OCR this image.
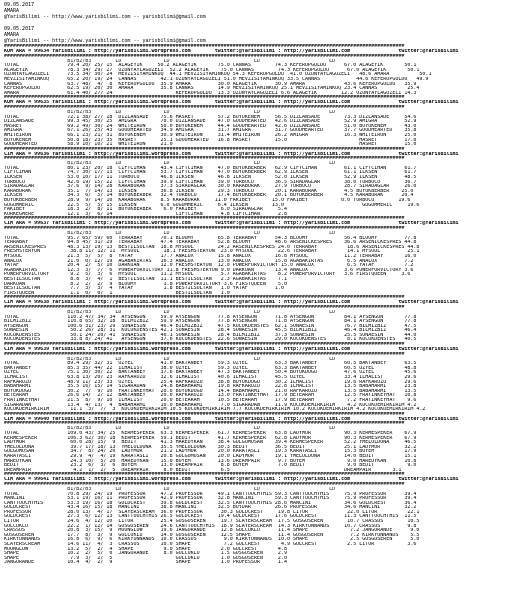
09.05.2017
AMARA
@YarisBilimi -- http://www.yarisbilimi.com -- yarisbilimi@gmail.com
09.05.2017
AMARA
@YarisBilimi -- http://www.yarisbilimi.com -- yarisbilimi@gmail.com
#####################################################################################################################################
KUM ARA = 99634 Yarisbilimi : http://yarisbilimi.wordpress.com        twitter:@YarisBilimi : http://yarisbilimi.com                twitter:@YarisBilimi
#####################################################################################################################################
B1/B2/B3        LD              LD                            LD                       LD
TOTAL                79.4 20/ 25/ 15  ALAGEYIK     50.2 ALAGEYIK       75.0 CANNAS        74.3 KEFERUPGULDU      67.0 ALAGEYIK       50.1
ALAGEYIK             78.3 34/ 29/ 27  OZUNYAYLAGUZELI  52.2 ALAGEYIK    75.0 CANNAS        74.3 KEFERUPGULDU      67.0 ALAGEYIK       50.1
OZUNYAYLAGUZELI      73.5 34/ 30/ 24  MEVZISIYAMINKUQ  44.1 MEVZISIYAMINKUQ 54.3 KEFERUPGULDU  41.0 OZUNYAYLAGUZELI   48.6 AMARA          50.1
MEVZISIYAMINKUQ      65.2 20/ 19/ 24  CANNAS        42.1 OZUNYAYLAGUZELI 51.0 MEVZISIYAMINKUQ 33.5 CANNAS            44.6 KEFERUPGULDU   49.9
CANNAS               63.7 48/  4/  8  KEFERUPGULDU  35.9 AMARA         30.0 ALAGEYIK      30.9 AMARA             43.6 KEFERUPGULDU   35.9
KEFERUPGULDU         62.5 19/ 20/ 30  AMARA         35.8 CANNAS        14.9 MEVZISIYAMINKUQ 25.1 MEVZISIYAMINKUQ 23.4 CANNAS          25.4
AMARA                61.4 40/ 27/ 24                     KEFERUPGULDU  13.3 OZUNYAYLAGUZELI 6.6 ALAGEYIK        12.2 OZUNYAYLAGUZELI 14.3
#####################################################################################################################################
KUM ARA = 99635 Yarisbilimi : http://yarisbilimi.wordpress.com        twitter:@YarisBilimi : http://yarisbilimi.com                twitter:@YarisBilimi
#####################################################################################################################################
B1/B2/B3        LD              LD                            LD                       LD
TOTAL                72.1 38/ 27/ 18  DIZLANSADE    75.6 HASRET        57.2 BUYUKENEM     56.5 DIZLANSADE        73.3 DIZLANSADE     54.6
DIZLANSADE           99.3 45/ 30/ 25  AMIGRA        70.0 DIZLANSADE    47.0 GOODHEARTED   42.6 DIZLANSADE        52.9 AMIGRA         52.9
HASRET               69.2 49/ 30/ 24  WHITEIRON     50.0 BUYUKENEM     44.4 GOODHEARTED   42.6 DIZLANSADE        51.0 BUYUKENEM      43.0
AMIGRA               67.1 26/ 25/ 43  GOODHEARTED   34.9 AMIGRA        31.7 AMIGRA        31.7 GOODHEARTED       37.7 GOODHEARTED    35.8
WHITEIRON            66.1 23/ 21/ 31  BUYUKENEM     30.9 WHITEIRON     31.4 WHITEIRON     26.2 AMIGRA            16.3 WHITEIRON      25.0
BUYUKENEM            50.8 18/ 23/ 35  HASRET        25.1 GOODHEARTED   16.8 HASRET        15.0                        HASRET         17.0
GOODHEARTED          58.9 10/ 10/ 21  WHITEIRON     21.0                                                              HASRET         15.0
#####################################################################################################################################
CIM ARA = 99636 Yarisbilimi : http://yarisbilimi.wordpress.com        twitter:@YarisBilimi : http://yarisbilimi.com                twitter:@YarisBilimi
#####################################################################################################################################
B1/B2/B3        LD              LD                            LD                       LD
TOTAL                80.1 23/ 20/ 18  CIFTCIHAN     43.4 CIFTCIHAN     47.0 BUYUKBERBER   62.9 CIFTCIHAN         61.1 CIFTCIHAN      61.7
CIFTCIHAN            74.7 30/ 17/ 13  CIFTCIHAN     53.7 CIFTCIHAN     47.0 BUYUKBERBER   62.9 ILKSEN            61.1 ILKSEN         61.7
ILKSEN               53.0 10/ 17/ 11  TURBOCU       46.8 ILKSEN        46.8 ILKSEN        52.0 ILKSEN            52.9 ILKSEN         48.5
TURBOCU              42.6 19/ 15/ 22  CIFTCIHAN     39.9 CIFTCIHAN     39.0 TURBOCU       36.5 SIRADAGLAR        38.0 TURBOCU        36.7
SIRADAGLAR           37.6  9/ 14/ 28  KARABURAK     37.3 SIRADAGLAR    30.0 KARABURAK     27.9 TURBOCU           28.7 SIRADAGLAR     26.0
KARABURAK            35.1  7/ 14/ 13  ILKSEN        36.8 ILKSEN        29.3 TURBOCU       20.1 KARABURAK         4.5 BUYUKBERBER    25.0
ILKSEN               34.3  6/  5/ 14  BUYUKBERBER   32.4 TURBOCU       17.4 BUYUKBERBER   20.1 BUYUKBERBER       4.5 KARABURAK      20.4
BUYUKBERBER          28.9  9/ 14/ 10  KARABURAK     8.5 KARABURAK     11.0 FAKIBEY       15.0 FAKIBEY           0.0 TURBOCU        19.6
GUGUMMERIC           22.5  5/  5/ 15  ILKSEN        6.0 GUGUMMERIC     6.4 ILKSEN        13.0                          GUGUMMERIC     19.6
FAKIBEY              18.3  2/  8/ 11  BUYUKBERBER    6.0 FAKIBEY        6.0 SIRADAGLAR     5.4
KORKEGMERE           12.1  3/  6/ 14                     CIFTCIHAN      4.8 CIFTCIHAN      2.8
#####################################################################################################################################
CIM ARA = 99637 Yarisbilimi : http://yarisbilimi.wordpress.com        twitter:@YarisBilimi : http://yarisbilimi.com                twitter:@YarisBilimi
#####################################################################################################################################
B1/B2/B3        LD              LD                            LD                       LD
TOTAL                95.7 65/ 59/ 60  TERRABAY      70.1 BLOOMY        65.8 TERRABAY      54.3 BLOOMY            56.4 BLOOMY         77.8
TERRABAY             94.8 45/ 31/ 29  TERRABAY      47.4 TERRABAY      52.8 BLOOMY        48.6 ARSENICKESPRES    36.6 ARSENICKESPRES 44.8
ARSENICKESPRES       48.3 13/ 19/ 13  BESTILSULTAN  18.8 MYSOUL        24.2 ARSENICKESPRES 24.0 TERRABAY          18.6 ARSENICKESPRES 44.8
FRESHSTERYON          38.8 11/ 12/ 11  MYSOUL        18.1 FRESHSTERYON  23.0 MYSOUL        22.6 TERRABAY          14.1 MYSOUL         25.1
MYSOUL               21.3  5/  5/  8  YATAF         17.7 ANALUX        15.8 ANALUX        16.8 MYSOUL            11.2 TERRABAY       16.0
ANALUX               21.0  0/ 12/ 19  AGABAKIRTAS   16.3 ANALUX        13.0 ANALUX        15.8 AGABAKIRTAS        6.5 ANALUX         7.2
YATAF                20.4  2/  5/ 10  DARKUAN       12.0 FRESHSTERYON  12.0 POWERFORVICTORY 15.0 ANALUX           6.5 YATAF          7.2
AGABAKIRTAS          12.3  3/  7/  6  POWERFORVICTORY 11.8 FRESHSTERYON 9.0 DARKUAN       13.4 ANALUX            3.6 POWERFORVICTORY 3.6
POWERFORVICTORY       9.2  5/  3/  6  MYSOUL        11.2 MYSOUL         5.7 AGABAKIRTAS    8.2 POWERFORVICTORY   3.6 FIRSTQUEEN     3.6
BESTILSULTAN          8.8  3/  4/  1  BESTILSULTAN  11.1 BESTILSULTAN   2.3 AGABAKIRTAS    7.1
DARKUAN               8.2  2/  2/  9  BLOOMY         1.8 POWERFORVICTORY 3.6 FIRSTQUEEN    5.0
BESTILSULTAN          7.7  3/  3/  4  YATAF          1.8 BESTILSULTAN   1.0 YATAF         1.0
FIRSTQUEEN            1.1  0/  0/  1                     BESTILSULTAN   1.0
#####################################################################################################################################
CIM ARA = 99638 Yarisbilimi : http://yarisbilimi.wordpress.com        twitter:@YarisBilimi : http://yarisbilimi.com                twitter:@YarisBilimi
#####################################################################################################################################
B1/B2/B3        LD              LD                            LD                       LD
TOTAL                110.2 47/ 34/ 34  AYSENGUN     59.9 AYSENGUN      77.8 AYSENGUN      71.8 AYSENGUN          84.1 AYSENGUN       77.8
BILMIZBIZ            110.8 65/ 32/ 18  BILMIZBIZ    59.9 AYSENGUN      77.8 AYSENGUN      71.8 AYSENGUN          84.1 AYSENGUN       77.8
AYSENGUN             100.6 31/ 23/ 29  SONAESIN     46.4 BILMIZBIZ     47.5 KUCUKDENSTES  62.1 SONAESIN          76.7 BILMIZBIZ      47.5
SONAESIN              50.2 26/ 28/ 31  KUCUKDENSTES 42.1 SONAESIN      28.4 SONAESIN      45.5 BILMIZBIZ         46.4 BILMIZBIZ      46.4
KUCUKDENSTES          50.1 24/ 20/ 41  SONAESIN     40.1 SONAESIN      28.4 BILMIZBIZ     37.3 SONAESIN          25.5 SONAESIN       44.0
KUCUKDENSTES          33.8 8/ 24/ 41   AYSENGUN     37.6 KUCUKDENSTES  22.6 SONAESIN      29.0 KUCUKDENSTES       8.1 KUCUKDENSTES   40.5
#####################################################################################################################################
CIM ARA = 99639 Yarisbilimi : http://yarisbilimi.wordpress.com        twitter:@YarisBilimi : http://yarisbilimi.com                twitter:@YarisBilimi
#####################################################################################################################################
B1/B2/B3        LD              LD                            LD                       LD
TOTAL                89.4 29/ 32/ 31  OZYEL         41.0 BAKTANBEY     59.3 OZYEL         63.3 BAKTANBEY         60.5 BAKTANBEY      63.5
BAKTANBEY            85.3 35/ 44/ 22  ILHALIST      38.0 OZYEL         59.3 OZYEL         63.3 BAKTANBEY         60.5 OZYEL          48.8
OZYEL                75.1 30/ 30/ 22  BAKTANBEY     37.6 BAKTANBEY     47.3 BAKTANBEY     50.4 BUYUKDOGU         47.6 OZYEL          45.6
ILHALIST             63.8 13/ 20/ 23  RAFKAROZU     32.6 ILHALIST      40.6 ILHALIST      45.5 OZYEL             33.4 ILHALIST       29.6
RAFKAROZU            48.9 11/ 23/ 33  OZYEL         25.4 RAFKAROZU     38.8 BUYUKDOGU     30.2 ILHALIST          19.6 RAFKAROZU      29.6
BABAHARMI            35.5 16/ 15/ 14  SIGARADAN     24.8 BABAHARMI     19.8 RAFKAROZU     22.8 ILHALIST          13.5 BABAHARMI      23.8
BUYUKDOGU            30.2  7/  9/ 10  FRATINKEYHAT  20.6 BUYUKDOGU     14.4 BABAHARMI     21.0 RAFKAROZU         13.5 BABAHARMI      13.5
BETEARAH             26.6 14/  2/ 12  BAKTANBEY     20.0 RAFKAROZU     13.0 FRATINKEYHAT  17.9 BETEARAH          12.5 FRATINKEYHAT   10.8
FRATINKEYHAT         21.5  8/  9/ 10  ILHALIST      20.0 BETEARAH      10.5 BETEARAH      17.9 BETEARAH           7.2 FRATINKEYHAT    9.6
SIGARADAN            13.4  4/ 13/  4  BABAHARMI     10.0 BABAHARMI      7.0 SIGARADAN     11.9 KUCUKDEMIRKIRIM    4.2 KUCUKDEMIRKIRIM 4.2
KUCUKDEMIRKIRIM       11.1  3/  7/  3  KUCUKDEMIRKIRIM 10.5 KUCUKDEMIRKIRIM 7.7 KUCUKDEMIRKIRIM 10.2 KUCUKDEMIRKIRIM 4.2 KUCUKDEMIRKIRIM 4.2
#####################################################################################################################################
CIM ARA = 99640 Yarisbilimi : http://yarisbilimi.wordpress.com        twitter:@YarisBilimi : http://yarisbilimi.com                twitter:@YarisBilimi
#####################################################################################################################################
B1/B2/B3        LD              LD                            LD                       LD
TOTAL                109.0 43/ 34/ 25  KERMESPEKER  63.3 KERMESPEKER   61.7 KERMESPEKER   63.8 LADYMOR           90.3 KERMESPEKER    67.9
KERMESPEKER          106.3 62/ 30/ 18  KERMESPEKER  59.1 BEDIT         41.7 KERMESPEKER   62.8 LADYMOR           90.3 KERMESPEKER    67.9
LADYMOR               60.0 28/ 15/  9  BEDIT        41.3 HAREDYKAN     38.4 GULGUMOSAN    39.4 KERMESPEKER       52.2 YMELOLDONA     46.5
YMELOLDONA            39.7 17/ 18/ 13  YMELOLDONA   35.5 YMELOLDONA    30.3 BEDIT         36.5 BEDIT             25.1 LADYMOR        32.2
GULGUMOSAN            34.7  8/ 24/ 20  LADYMOR      21.2 LADYMOR       20.0 KARATASLI     19.3 KARATASLI         15.3 BOYEM          17.9
KARATASLI             29.9  4/  4/ 19  KARATASLI    20.8 GULGUMOSAN    20.0 LADYMOR       19.1 YMELOLDONA        14.0 BEDIT          15.1
HAREDYKAN             24.3 10/  5/ 20  HAREDYKAN    15.0 BOYEM         13.6 DREAMPAIR      9.7 BOYEM              9.0 HAREDYKAN      10.8
BEDIT                 23.2  6/  3/  6  BOYEM        13.0 DREAMPAIR      8.8 BOYEM          7.0 BEDIT              9.0 BEDIT           9.0
DREAMPAIR              4.2  1/  2/  5  DREAMPAIR     8.0 BEDIT          6.5                                      DREAMPAIR       3.1
#####################################################################################################################################
CIM ARA = 99641 Yarisbilimi : http://yarisbilimi.wordpress.com        twitter:@YarisBilimi : http://yarisbilimi.com                twitter:@YarisBilimi
#####################################################################################################################################
B1/B2/B3        LD              LD                            LD                       LD
TOTAL                70.8 29/ 24/ 19  PROFESSOR     47.2 PROFESSOR     49.1 CANTTOUCHTHIS 59.3 CANTTOUCHTHIS     75.9 PROFESSOR      39.4
MANCINI              53.1 19/ 16/ 11  PROFESSOR     42.9 PROFESSOR     32.8 MANCINI       59.3 CANTTOUCHTHIS     75.9 PROFESSOR      39.4
CANTTOUCHTHIS        53.3 19/ 16/ 18  GOLDCREST     39.8 GOLDCREST     32.5 CANTTOUCHTHIS 28.6 MANCINI           34.6 GOLDCREST      36.4
GOLDCREST            43.4 16/ 15/ 18  MANCINI       38.8 MANCINI       32.5 BOYDAR        26.6 PROFESSOR         34.6 MANCINI        32.2
PROFESSOR            28.0 13/  4/ 17  SLAYERSCREAM  36.0 PROFESSOR      30.3 GOLDCREST     19.8 LITOR             22.0 LITOR          22.1
GOLDCREST            27.3  6/ 12/ 13  CANTTOUCHTHIS 26.5 GOLDCREST     19.4 GOLDCREST     17.6 GOLDCREST         11.3 CANTTOUCHTHIS  11.5
LITOR                24.6  4/ 12/ 10  LITOR         25.4 GOSGOSEREN     19.7 SLAYERSCREAM  17.5 GOSGOSEREN        10.7 CRASSUS        10.5
GOLCUKLU             22.2  1/ 12/ 14  GOSGOSEREN    24.6 CANTTOUCHTHIS  18.9 SLAYERSCREAM  14.3 KIRKYUNNANDS     10.7 CRASSUS         9.8
CRASSUS              20.8  3/ 15/  9  MOONGLOW      19.6 JANGORANDE     12.8 GOLCUKLU      11.4 SHAPE              7.2 JANGORANDE      9.0
GOSGOSEREN           17.7  8/  3/  9  GOLCUKLU      14.0 GOSGOSEREN     12.5 SHAPE         11.4 GOSGOSEREN         7.2 KIRKYUNNANDS    5.5
KIRKYUNNANDS         16.8  6/  9/  6  KIRKYUNNANDS  10.0 CRASSUS         9.0 KIRKYUNNANDS  10.0 SHAPE              2.5 GOSGOSEREN      5.0
SLAYERSCREAM         14.6 11/  4/  3  CRASSUS       10.0 SHAPE           7.2 GOLCREST       4.9 GOLCREST          2.5 LITOR           3.6
MOONGLOW             13.2  5/  2/  4  SHAPE          9.0 SHAPE          2.0 GOLCREST       4.8
SHAPE                10.2  2/  5/  0  JANGORANDE     8.0 GOLCUKLU       1.5 GOSGOSEREN     2.9
SHAPE                 7.9  3/  2/  5                     GOLCUKLU       1.0 GOSGOSEREN     2.0
JANGORANDE           10.4  4/  2/  9                     SHAPE          1.0 PROFESSOR      1.4
